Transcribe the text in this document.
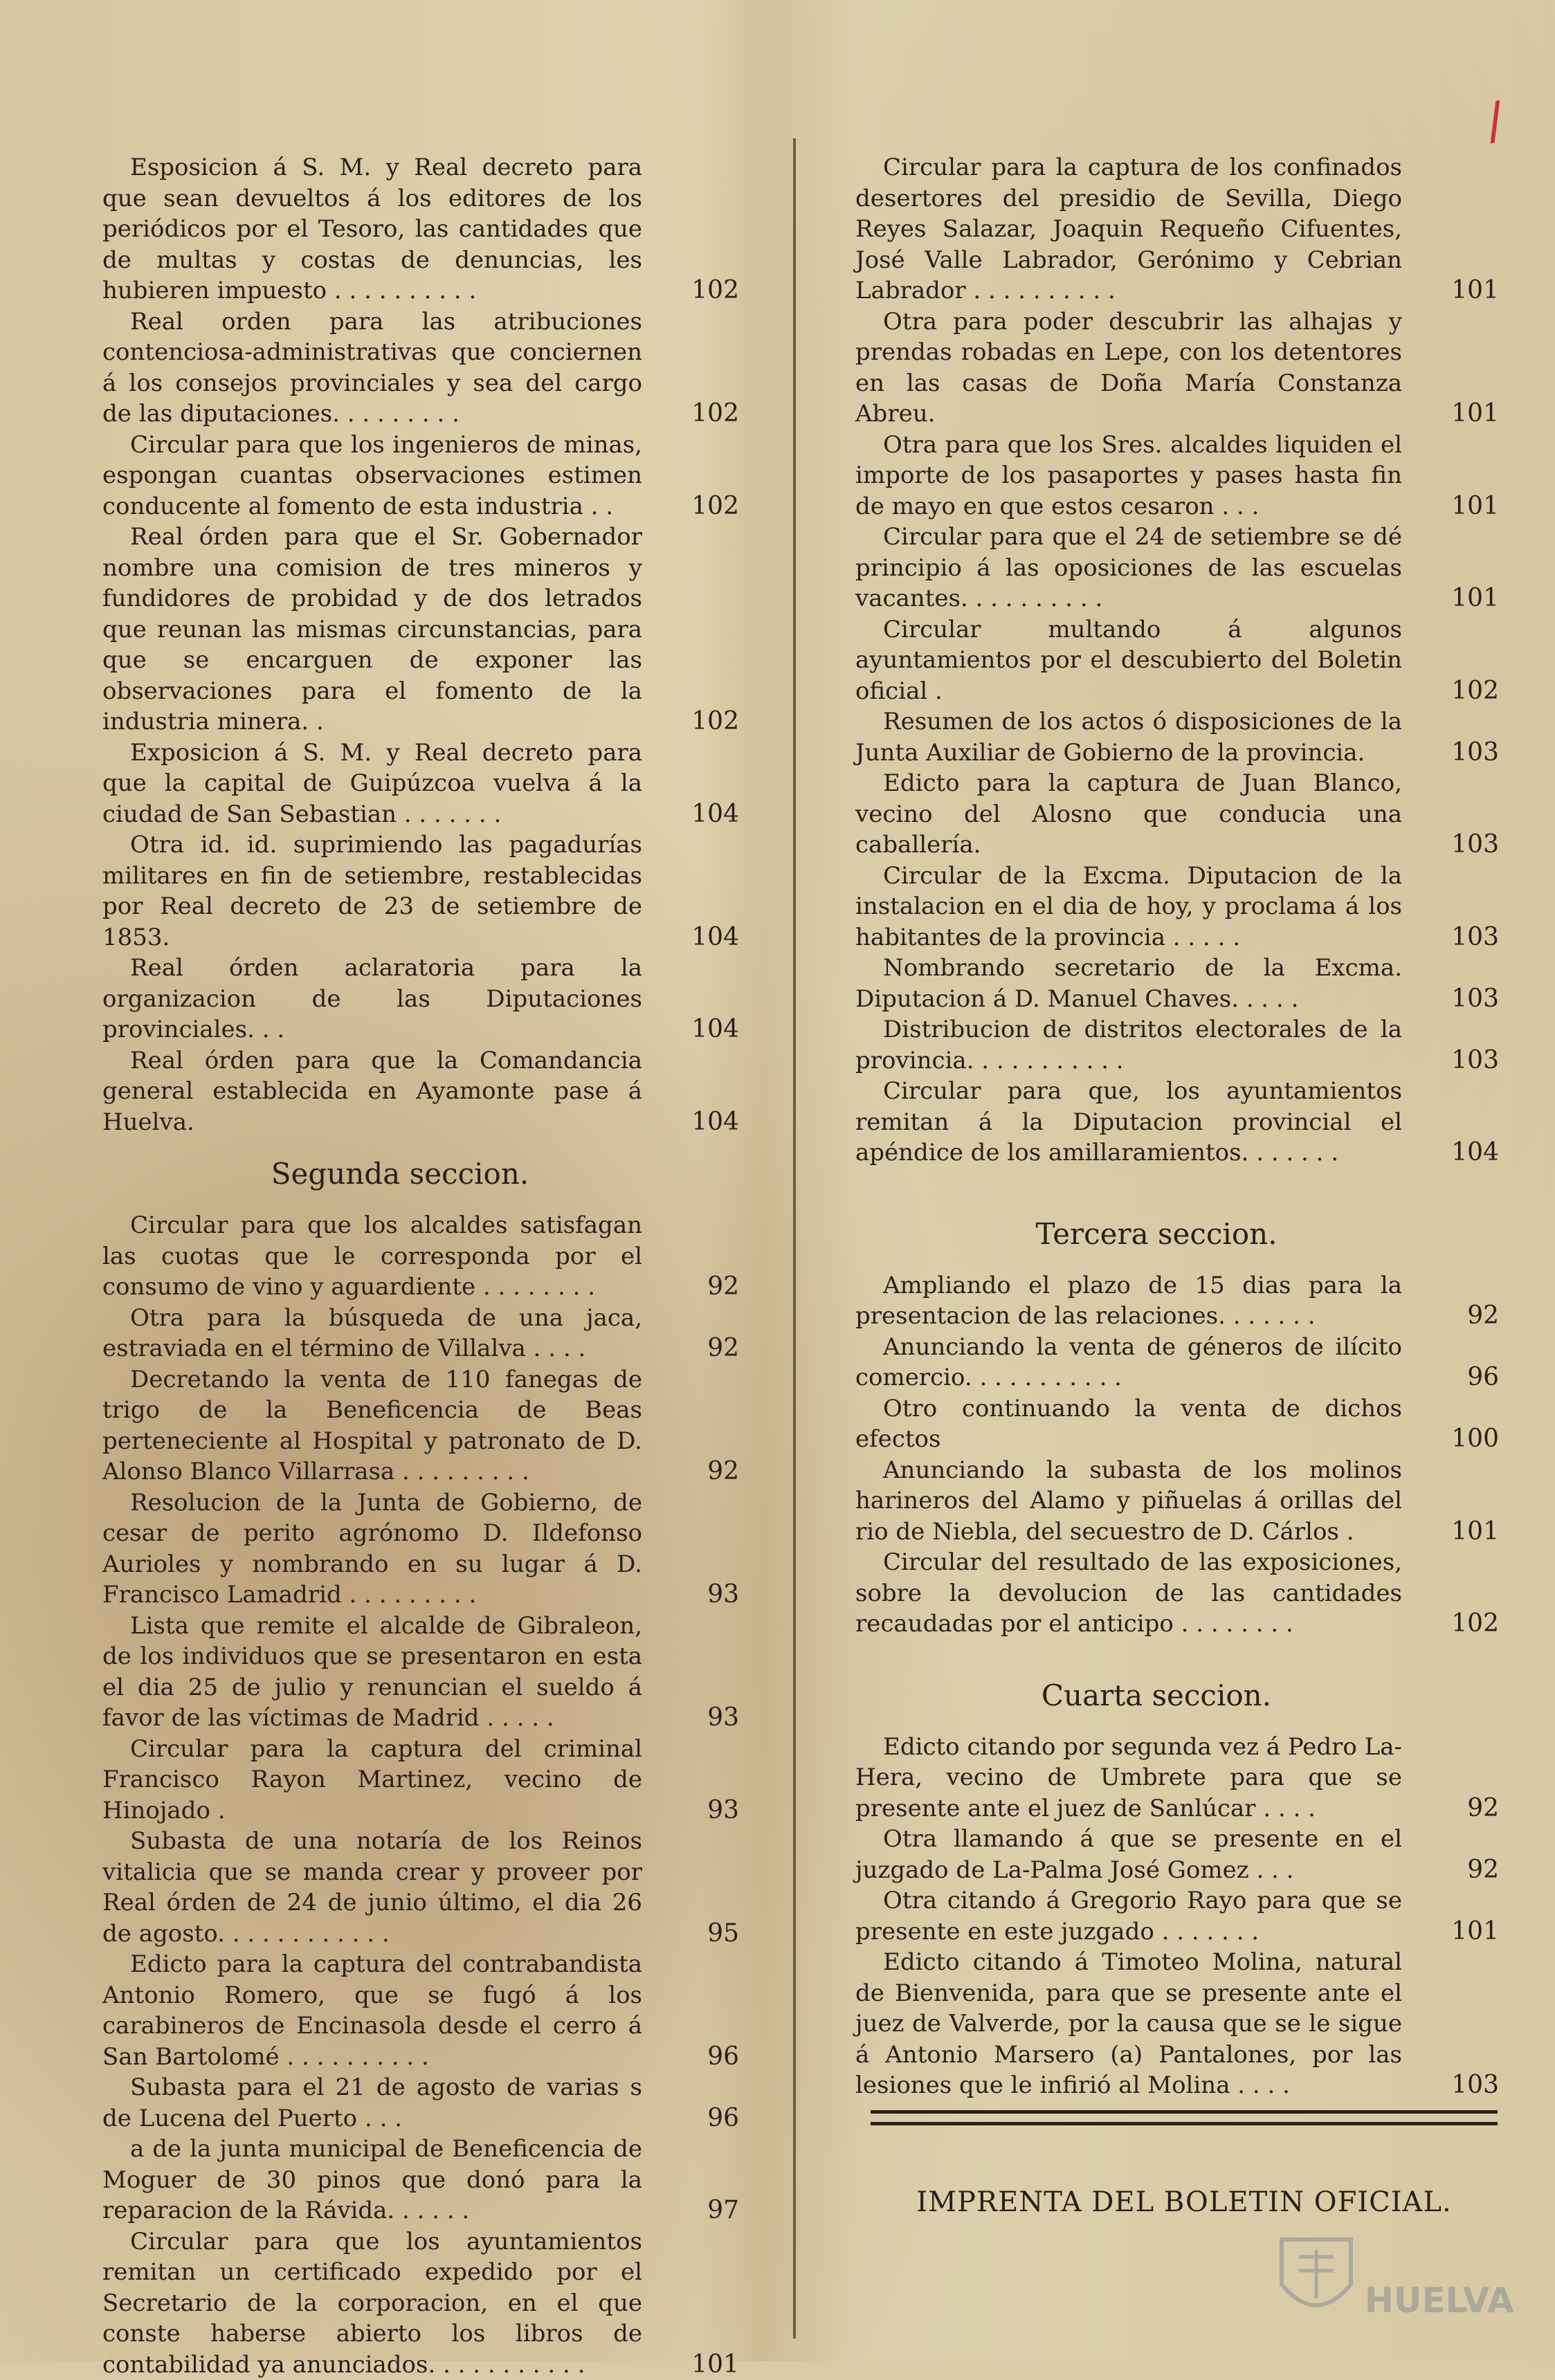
/

Esposicion á S. M. y Real decreto para que sean devueltos á los editores de los periódicos por el Tesoro, las cantidades que de multas y costas de denuncias, les hubieren impuesto . . . . . . . . . .	102

Real orden para las atribuciones contenciosa-administrativas que conciernen á los consejos provinciales y sea del cargo de las diputaciones. . . . . . . . .	102

Circular para que los ingenieros de minas, espongan cuantas observaciones estimen conducente al fomento de esta industria . .	102

Real órden para que el Sr. Gobernador nombre una comision de tres mineros y fundidores de probidad y de dos letrados que reunan las mismas circunstancias, para que se encarguen de exponer las observaciones para el fomento de la industria minera. .	102

Exposicion á S. M. y Real decreto para que la capital de Guipúzcoa vuelva á la ciudad de San Sebastian . . . . . . .	104

Otra id. id. suprimiendo las pagadurías militares en fin de setiembre, restablecidas por Real decreto de 23 de setiembre de 1853.	104

Real órden aclaratoria para la organizacion de las Diputaciones provinciales. . .	104

Real órden para que la Comandancia general establecida en Ayamonte pase á Huelva.	104

Segunda seccion.

Circular para que los alcaldes satisfagan las cuotas que le corresponda por el consumo de vino y aguardiente . . . . . . . .	92

Otra para la búsqueda de una jaca, estraviada en el término de Villalva . . . .	92

Decretando la venta de 110 fanegas de trigo de la Beneficencia de Beas perteneciente al Hospital y patronato de D. Alonso Blanco Villarrasa . . . . . . . . .	92

Resolucion de la Junta de Gobierno, de cesar de perito agrónomo D. Ildefonso Aurioles y nombrando en su lugar á D. Francisco Lamadrid . . . . . . . . .	93

Lista que remite el alcalde de Gibraleon, de los individuos que se presentaron en esta el dia 25 de julio y renuncian el sueldo á favor de las víctimas de Madrid . . . . .	93

Circular para la captura del criminal Francisco Rayon Martinez, vecino de Hinojado .	93

Subasta de una notaría de los Reinos vitalicia que se manda crear y proveer por Real órden de 24 de junio último, el dia 26 de agosto. . . . . . . . . . . .	95

Edicto para la captura del contrabandista Antonio Romero, que se fugó á los carabineros de Encinasola desde el cerro á San Bartolomé . . . . . . . . . .	96

Subasta para el 21 de agosto de varias s de Lucena del Puerto . . .	96

a de la junta municipal de Beneficencia de Moguer de 30 pinos que donó para la reparacion de la Rávida. . . . . .	97

Circular para que los ayuntamientos remitan un certificado expedido por el Secretario de la corporacion, en el que conste haberse abierto los libros de contabilidad ya anunciados. . . . . . . . . . .	101

Circular para la captura de los confinados desertores del presidio de Sevilla, Diego Reyes Salazar, Joaquin Requeño Cifuentes, José Valle Labrador, Gerónimo y Cebrian Labrador . . . . . . . . . .	101

Otra para poder descubrir las alhajas y prendas robadas en Lepe, con los detentores en las casas de Doña María Constanza Abreu.	101

Otra para que los Sres. alcaldes liquiden el importe de los pasaportes y pases hasta fin de mayo en que estos cesaron . . .	101

Circular para que el 24 de setiembre se dé principio á las oposiciones de las escuelas vacantes. . . . . . . . . .	101

Circular multando á algunos ayuntamientos por el descubierto del Boletin oficial .	102

Resumen de los actos ó disposiciones de la Junta Auxiliar de Gobierno de la provincia.	103

Edicto para la captura de Juan Blanco, vecino del Alosno que conducia una caballería.	103

Circular de la Excma. Diputacion de la instalacion en el dia de hoy, y proclama á los habitantes de la provincia . . . . .	103

Nombrando secretario de la Excma. Diputacion á D. Manuel Chaves. . . . .	103

Distribucion de distritos electorales de la provincia. . . . . . . . . . .	103

Circular para que, los ayuntamientos remitan á la Diputacion provincial el apéndice de los amillaramientos. . . . . . .	104

Tercera seccion.

Ampliando el plazo de 15 dias para la presentacion de las relaciones. . . . . . .	92

Anunciando la venta de géneros de ilícito comercio. . . . . . . . . . .	96

Otro continuando la venta de dichos efectos	100

Anunciando la subasta de los molinos harineros del Alamo y piñuelas á orillas del rio de Niebla, del secuestro de D. Cárlos .	101

Circular del resultado de las exposiciones, sobre la devolucion de las cantidades recaudadas por el anticipo . . . . . . . .	102

Cuarta seccion.

Edicto citando por segunda vez á Pedro La-Hera, vecino de Umbrete para que se presente ante el juez de Sanlúcar . . . .	92

Otra llamando á que se presente en el juzgado de La-Palma José Gomez . . .	92

Otra citando á Gregorio Rayo para que se presente en este juzgado . . . . . . .	101

Edicto citando á Timoteo Molina, natural de Bienvenida, para que se presente ante el juez de Valverde, por la causa que se le sigue á Antonio Marsero (a) Pantalones, por las lesiones que le infirió al Molina . . . .	103

IMPRENTA DEL BOLETIN OFICIAL.
HUELVA
